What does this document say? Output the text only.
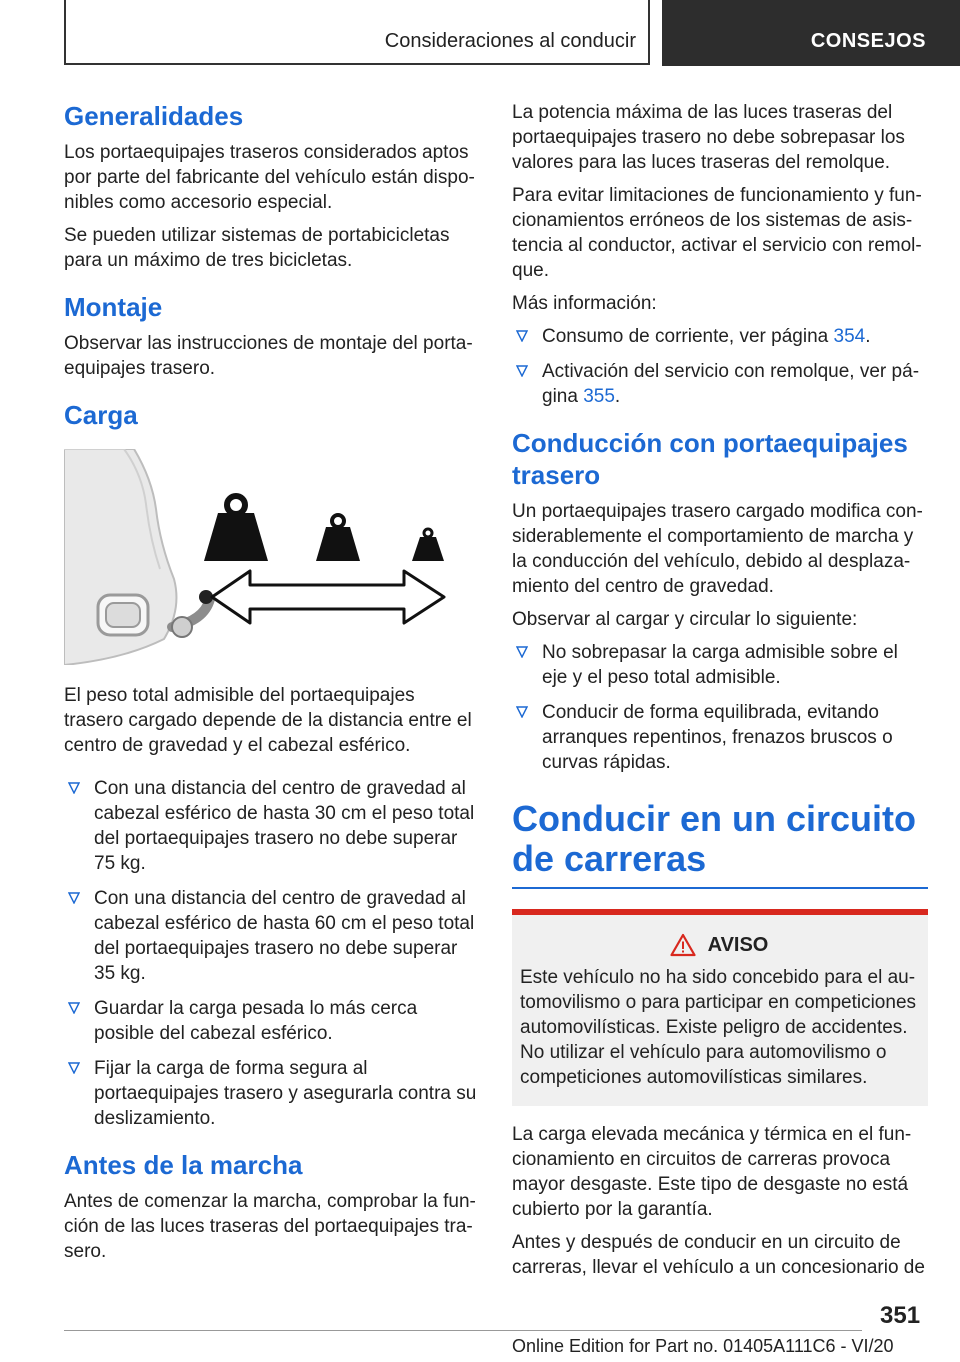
Consideraciones al conducir	CONSEJOS
Generalidades

Los portaequipajes traseros considerados aptos por parte del fabricante del vehículo están disponibles como accesorio especial.

Se pueden utilizar sistemas de portabicicletas para un máximo de tres bicicletas.

Montaje

Observar las instrucciones de montaje del portaequipajes trasero.

Carga

El peso total admisible del portaequipajes trasero cargado depende de la distancia entre el centro de gravedad y el cabezal esférico.

Con una distancia del centro de gravedad al cabezal esférico de hasta 30 cm el peso total del portaequipajes trasero no debe superar 75 kg.
Con una distancia del centro de gravedad al cabezal esférico de hasta 60 cm el peso total del portaequipajes trasero no debe superar 35 kg.
Guardar la carga pesada lo más cerca posible del cabezal esférico.
Fijar la carga de forma segura al portaequipajes trasero y asegurarla contra su deslizamiento.
Antes de la marcha

Antes de comenzar la marcha, comprobar la función de las luces traseras del portaequipajes trasero.

La potencia máxima de las luces traseras del portaequipajes trasero no debe sobrepasar los valores para las luces traseras del remolque.

Para evitar limitaciones de funcionamiento y funcionamientos erróneos de los sistemas de asistencia al conductor, activar el servicio con remolque.

Más información:

Consumo de corriente, ver página 354.
Activación del servicio con remolque, ver página 355.
Conducción con portaequipajes trasero

Un portaequipajes trasero cargado modifica considerablemente el comportamiento de marcha y la conducción del vehículo, debido al desplazamiento del centro de gravedad.

Observar al cargar y circular lo siguiente:

No sobrepasar la carga admisible sobre el eje y el peso total admisible.
Conducir de forma equilibrada, evitando arranques repentinos, frenazos bruscos o curvas rápidas.
Conducir en un circuito de carreras
AVISO

Este vehículo no ha sido concebido para el automovilismo o para participar en competiciones automovilísticas. Existe peligro de accidentes. No utilizar el vehículo para automovilismo o competiciones automovilísticas similares.

La carga elevada mecánica y térmica en el funcionamiento en circuitos de carreras provoca mayor desgaste. Este tipo de desgaste no está cubierto por la garantía.

Antes y después de conducir en un circuito de carreras, llevar el vehículo a un concesionario de

351
Online Edition for Part no. 01405A111C6 - VI/20
